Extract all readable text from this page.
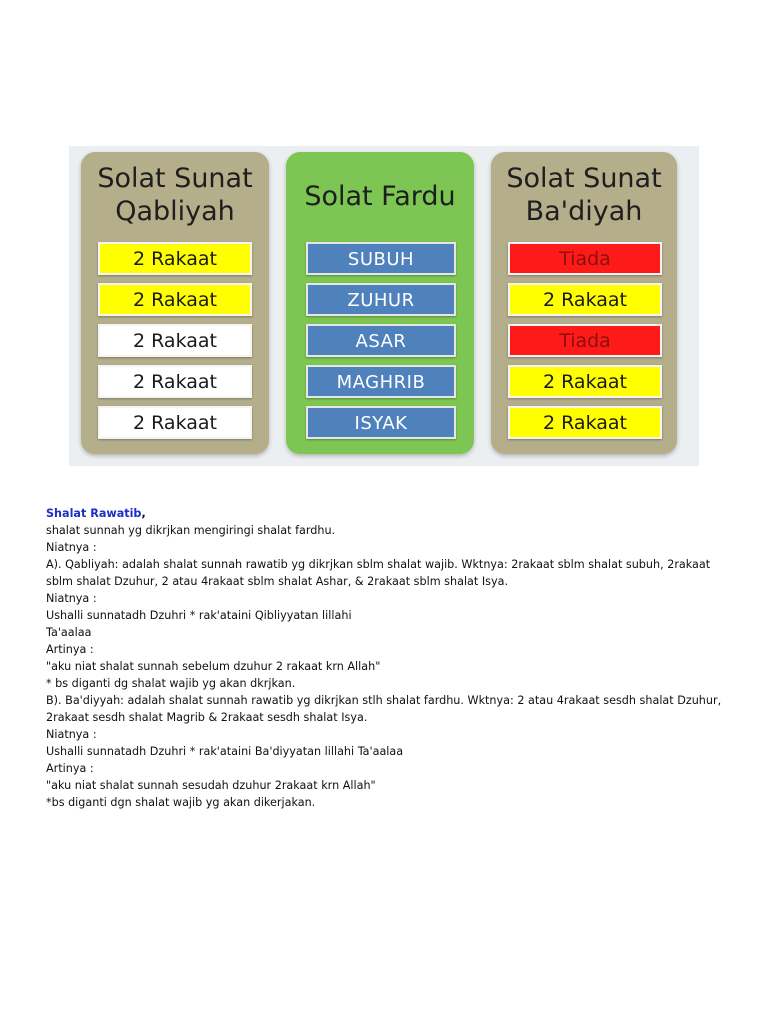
Solat Sunat
Qabliyah
2 Rakaat
2 Rakaat
2 Rakaat
2 Rakaat
2 Rakaat
Solat Fardu
SUBUH
ZUHUR
ASAR
MAGHRIB
ISYAK
Solat Sunat
Ba'diyah
Tiada
2 Rakaat
Tiada
2 Rakaat
2 Rakaat
Shalat Rawatib,
shalat sunnah yg dikrjkan mengiringi shalat fardhu.
Niatnya :
A). Qabliyah: adalah shalat sunnah rawatib yg dikrjkan sblm shalat wajib. Wktnya: 2rakaat sblm shalat subuh, 2rakaat
sblm shalat Dzuhur, 2 atau 4rakaat sblm shalat Ashar, & 2rakaat sblm shalat Isya.
Niatnya :
Ushalli sunnatadh Dzuhri * rak'ataini Qibliyyatan lillahi
Ta'aalaa
Artinya :
"aku niat shalat sunnah sebelum dzuhur 2 rakaat krn Allah"
* bs diganti dg shalat wajib yg akan dkrjkan.
B). Ba'diyyah: adalah shalat sunnah rawatib yg dikrjkan stlh shalat fardhu. Wktnya: 2 atau 4rakaat sesdh shalat Dzuhur,
2rakaat sesdh shalat Magrib & 2rakaat sesdh shalat Isya.
Niatnya :
Ushalli sunnatadh Dzuhri * rak'ataini Ba'diyyatan lillahi Ta'aalaa
Artinya :
"aku niat shalat sunnah sesudah dzuhur 2rakaat krn Allah"
*bs diganti dgn shalat wajib yg akan dikerjakan.
